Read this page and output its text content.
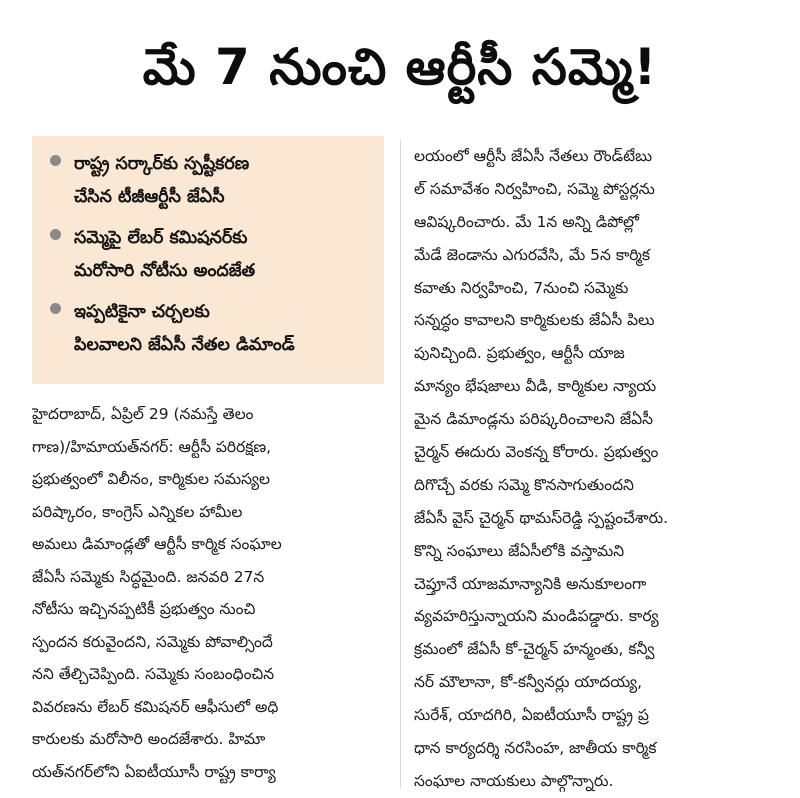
మే 7 నుంచి ఆర్టీసీ సమ్మె!
రాష్ట్ర సర్కార్‌కు స్పష్టీకరణ
చేసిన టీజీఆర్టీసీ జేఏసీ
సమ్మెపై లేబర్ కమిషనర్‌కు
మరోసారి నోటీసు అందజేత
ఇప్పటికైనా చర్చలకు
పిలవాలని జేఏసీ నేతల డిమాండ్
హైదరాబాద్, ఏప్రిల్ 29 (నమస్తే తెలం
గాణ)/హిమాయత్‌నగర్: ఆర్టీసీ పరిరక్షణ,
ప్రభుత్వంలో విలీనం, కార్మికుల సమస్యల
పరిష్కారం, కాంగ్రెస్ ఎన్నికల హామీల
అమలు డిమాండ్లతో ఆర్టీసీ కార్మిక సంఘాల
జేఏసీ సమ్మెకు సిద్ధమైంది. జనవరి 27న
నోటీసు ఇచ్చినప్పటికీ ప్రభుత్వం నుంచి
స్పందన కరువైందని, సమ్మెకు పోవాల్సిందే
నని తేల్చిచెప్పింది. సమ్మెకు సంబంధించిన
వివరణను లేబర్ కమిషనర్ ఆఫీసులో అధి
కారులకు మరోసారి అందజేశారు. హిమా
యత్‌నగర్‌లోని ఏఐటీయూసీ రాష్ట్ర కార్యా
లయంలో ఆర్టీసీ జేఏసీ నేతలు రౌండ్‌టేబు
ల్ సమావేశం నిర్వహించి, సమ్మె పోస్టర్లను
ఆవిష్కరించారు. మే 1న అన్ని డిపోల్లో
మేడే జెండాను ఎగురవేసి, మే 5న కార్మిక
కవాతు నిర్వహించి, 7నుంచి సమ్మెకు
సన్నద్ధం కావాలని కార్మికులకు జేఏసీ పిలు
పునిచ్చింది. ప్రభుత్వం, ఆర్టీసీ యాజ
మాన్యం భేషజాలు వీడి, కార్మికుల న్యాయ
మైన డిమాండ్లను పరిష్కరించాలని జేఏసీ
చైర్మన్ ఈదురు వెంకన్న కోరారు. ప్రభుత్వం
దిగొచ్చే వరకు సమ్మె కొనసాగుతుందని
జేఏసీ వైస్ చైర్మన్ థామస్‌రెడ్డి స్పష్టంచేశారు.
కొన్ని సంఘాలు జేఏసీలోకి వస్తామని
చెప్తూనే యాజమాన్యానికి అనుకూలంగా
వ్యవహరిస్తున్నాయని మండిపడ్డారు. కార్య
క్రమంలో జేఏసీ కో-చైర్మన్ హన్మంతు, కన్వీ
నర్ మౌలానా, కో-కన్వీనర్లు యాదయ్య,
సురేశ్, యాదగిరి, ఏఐటీయూసీ రాష్ట్ర ప్ర
ధాన కార్యదర్శి నరసింహ, జాతీయ కార్మిక
సంఘాల నాయకులు పాల్గొన్నారు.
